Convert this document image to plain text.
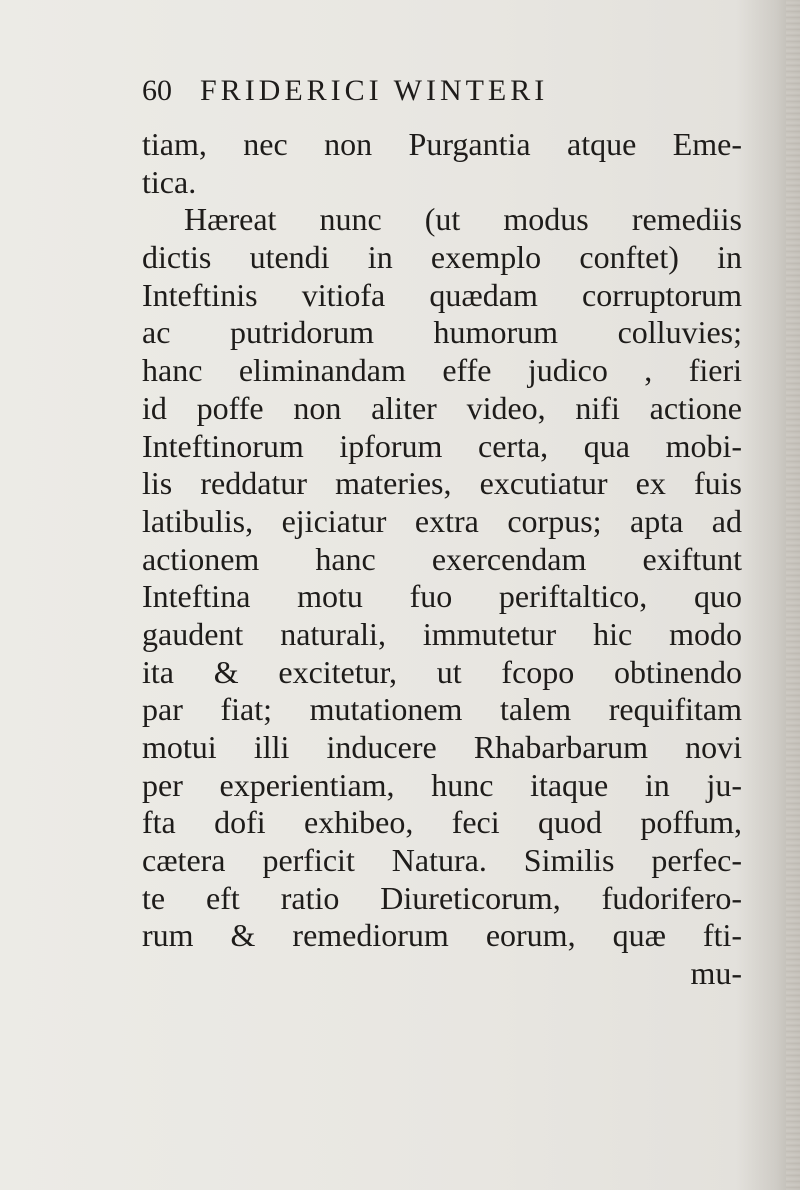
60 FRIDERICI WINTERI
tiam, nec non Purgantia atque Eme-
tica.
Hæreat nunc (ut modus remediis
dictis utendi in exemplo conftet) in
Inteftinis vitiofa quædam corruptorum
ac putridorum humorum colluvies;
hanc eliminandam effe judico , fieri
id poffe non aliter video, nifi actione
Inteftinorum ipforum certa, qua mobi-
lis reddatur materies, excutiatur ex fuis
latibulis, ejiciatur extra corpus; apta ad
actionem hanc exercendam exiftunt
Inteftina motu fuo periftaltico, quo
gaudent naturali, immutetur hic modo
ita & excitetur, ut fcopo obtinendo
par fiat; mutationem talem requifitam
motui illi inducere Rhabarbarum novi
per experientiam, hunc itaque in ju-
fta dofi exhibeo, feci quod poffum,
cætera perficit Natura. Similis perfec-
te eft ratio Diureticorum, fudorifero-
rum & remediorum eorum, quæ fti-
mu-
